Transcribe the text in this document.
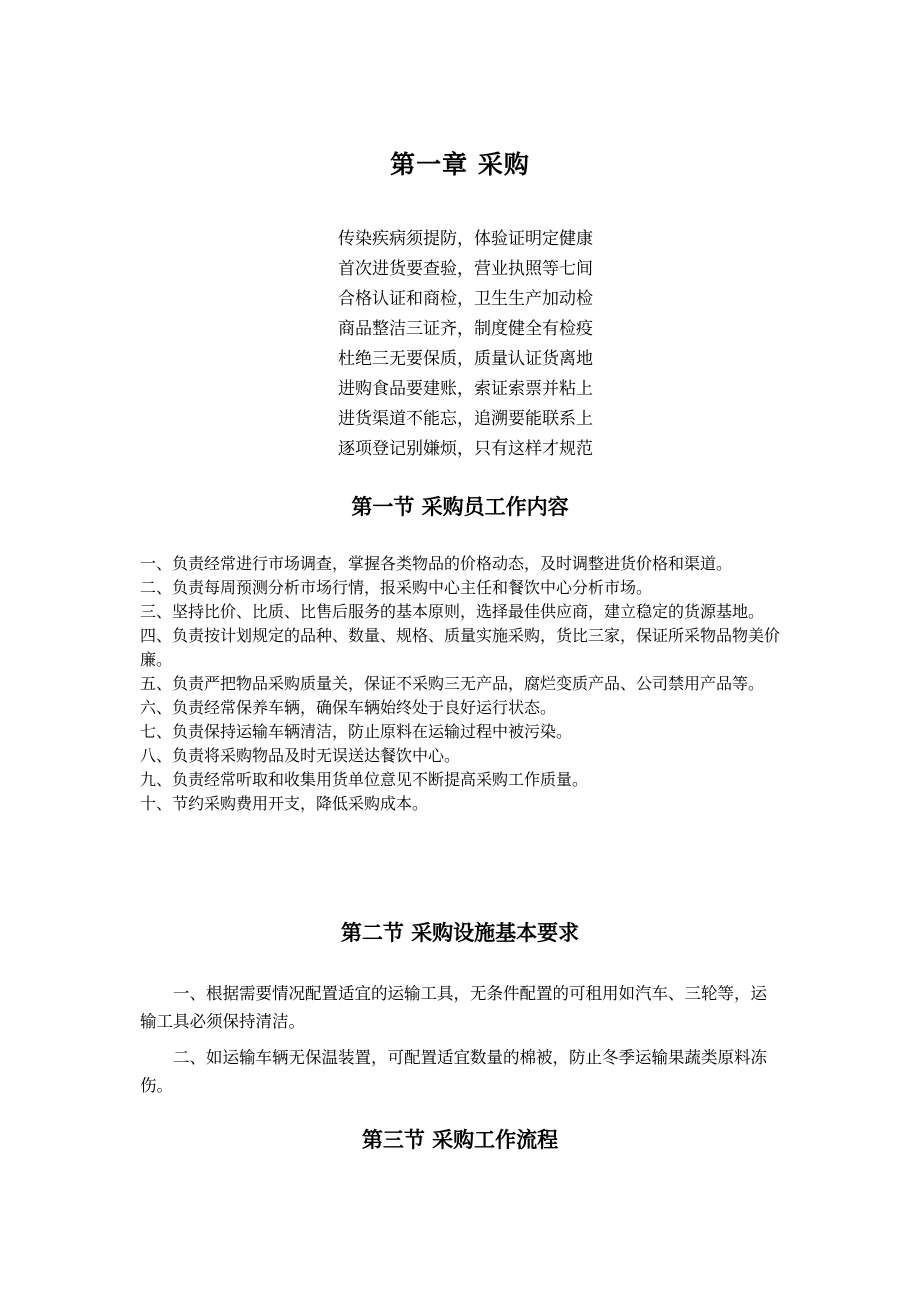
第一章 采购
传染疾病须提防，体验证明定健康
首次进货要查验，营业执照等七间
合格认证和商检，卫生生产加动检
商品整洁三证齐，制度健全有检疫
杜绝三无要保质，质量认证货离地
进购食品要建账，索证索票并粘上
进货渠道不能忘，追溯要能联系上
逐项登记别嫌烦，只有这样才规范
第一节 采购员工作内容
一、负责经常进行市场调查，掌握各类物品的价格动态，及时调整进货价格和渠道。
二、负责每周预测分析市场行情，报采购中心主任和餐饮中心分析市场。
三、坚持比价、比质、比售后服务的基本原则，选择最佳供应商，建立稳定的货源基地。
四、负责按计划规定的品种、数量、规格、质量实施采购，货比三家，保证所采物品物美价廉。
五、负责严把物品采购质量关，保证不采购三无产品，腐烂变质产品、公司禁用产品等。
六、负责经常保养车辆，确保车辆始终处于良好运行状态。
七、负责保持运输车辆清洁，防止原料在运输过程中被污染。
八、负责将采购物品及时无误送达餐饮中心。
九、负责经常听取和收集用货单位意见不断提高采购工作质量。
十、节约采购费用开支，降低采购成本。
第二节 采购设施基本要求

一、根据需要情况配置适宜的运输工具，无条件配置的可租用如汽车、三轮等，运输工具必须保持清洁。

二、如运输车辆无保温装置，可配置适宜数量的棉被，防止冬季运输果蔬类原料冻伤。

第三节 采购工作流程
